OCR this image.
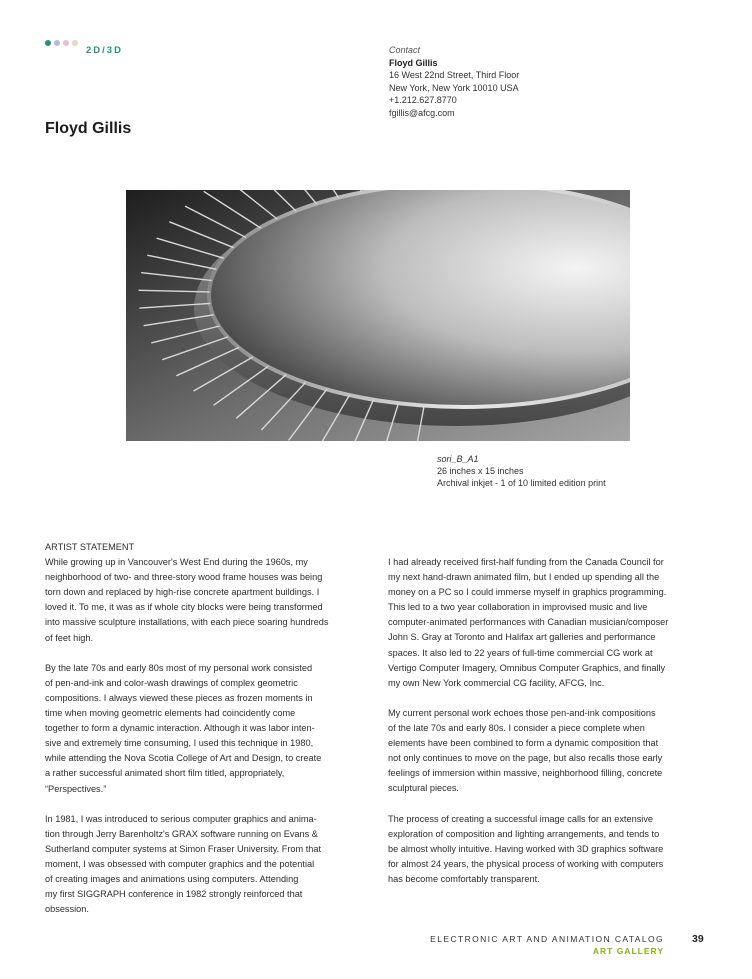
2D/3D	Contact
Floyd Gillis
16 West 22nd Street, Third Floor
New York, New York 10010 USA
+1.212.627.8770
fgillis@afcg.com
Floyd Gillis
sori_B_A1
26 inches x 15 inches
Archival inkjet - 1 of 10 limited edition print
ARTIST STATEMENT

While growing up in Vancouver's West End during the 1960s, my
neighborhood of two- and three-story wood frame houses was being
torn down and replaced by high-rise concrete apartment buildings. I
loved it. To me, it was as if whole city blocks were being transformed
into massive sculpture installations, with each piece soaring hundreds
of feet high.

By the late 70s and early 80s most of my personal work consisted
of pen-and-ink and color-wash drawings of complex geometric
compositions. I always viewed these pieces as frozen moments in
time when moving geometric elements had coincidently come
together to form a dynamic interaction. Although it was labor inten-
sive and extremely time consuming, I used this technique in 1980,
while attending the Nova Scotia College of Art and Design, to create
a rather successful animated short film titled, appropriately,
“Perspectives.”

In 1981, I was introduced to serious computer graphics and anima-
tion through Jerry Barenholtz's GRAX software running on Evans &
Sutherland computer systems at Simon Fraser University. From that
moment, I was obsessed with computer graphics and the potential
of creating images and animations using computers. Attending
my first SIGGRAPH conference in 1982 strongly reinforced that
obsession.

I had already received first-half funding from the Canada Council for
my next hand-drawn animated film, but I ended up spending all the
money on a PC so I could immerse myself in graphics programming.
This led to a two year collaboration in improvised music and live
computer-animated performances with Canadian musician/composer
John S. Gray at Toronto and Halifax art galleries and performance
spaces. It also led to 22 years of full-time commercial CG work at
Vertigo Computer Imagery, Omnibus Computer Graphics, and finally
my own New York commercial CG facility, AFCG, Inc.

My current personal work echoes those pen-and-ink compositions
of the late 70s and early 80s. I consider a piece complete when
elements have been combined to form a dynamic composition that
not only continues to move on the page, but also recalls those early
feelings of immersion within massive, neighborhood filling, concrete
sculptural pieces.

The process of creating a successful image calls for an extensive
exploration of composition and lighting arrangements, and tends to
be almost wholly intuitive. Having worked with 3D graphics software
for almost 24 years, the physical process of working with computers
has become comfortably transparent.

ELECTRONIC ART AND ANIMATION CATALOG
ART GALLERY
39
